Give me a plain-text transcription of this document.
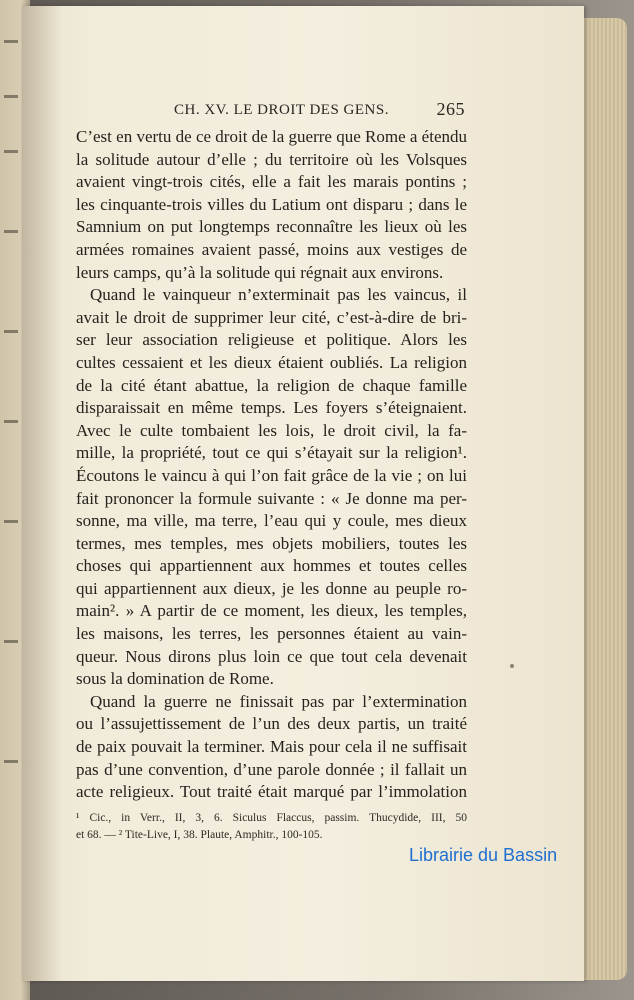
CH. XV. LE DROIT DES GENS.	265
C’est en vertu de ce droit de la guerre que Rome a étendu
la solitude autour d’elle ; du territoire où les Volsques
avaient vingt-trois cités, elle a fait les marais pontins ;
les cinquante-trois villes du Latium ont disparu ; dans le
Samnium on put longtemps reconnaître les lieux où les
armées romaines avaient passé, moins aux vestiges de
leurs camps, qu’à la solitude qui régnait aux environs.
Quand le vainqueur n’exterminait pas les vaincus, il
avait le droit de supprimer leur cité, c’est-à-dire de bri-
ser leur association religieuse et politique. Alors les
cultes cessaient et les dieux étaient oubliés. La religion
de la cité étant abattue, la religion de chaque famille
disparaissait en même temps. Les foyers s’éteignaient.
Avec le culte tombaient les lois, le droit civil, la fa-
mille, la propriété, tout ce qui s’étayait sur la religion¹.
Écoutons le vaincu à qui l’on fait grâce de la vie ; on lui
fait prononcer la formule suivante : « Je donne ma per-
sonne, ma ville, ma terre, l’eau qui y coule, mes dieux
termes, mes temples, mes objets mobiliers, toutes les
choses qui appartiennent aux hommes et toutes celles
qui appartiennent aux dieux, je les donne au peuple ro-
main². » A partir de ce moment, les dieux, les temples,
les maisons, les terres, les personnes étaient au vain-
queur. Nous dirons plus loin ce que tout cela devenait
sous la domination de Rome.
Quand la guerre ne finissait pas par l’extermination
ou l’assujettissement de l’un des deux partis, un traité
de paix pouvait la terminer. Mais pour cela il ne suffisait
pas d’une convention, d’une parole donnée ; il fallait un
acte religieux. Tout traité était marqué par l’immolation
¹ Cic., in Verr., II, 3, 6. Siculus Flaccus, passim. Thucydide, III, 50
et 68. — ² Tite-Live, I, 38. Plaute, Amphitr., 100-105.
Librairie du Bassin
